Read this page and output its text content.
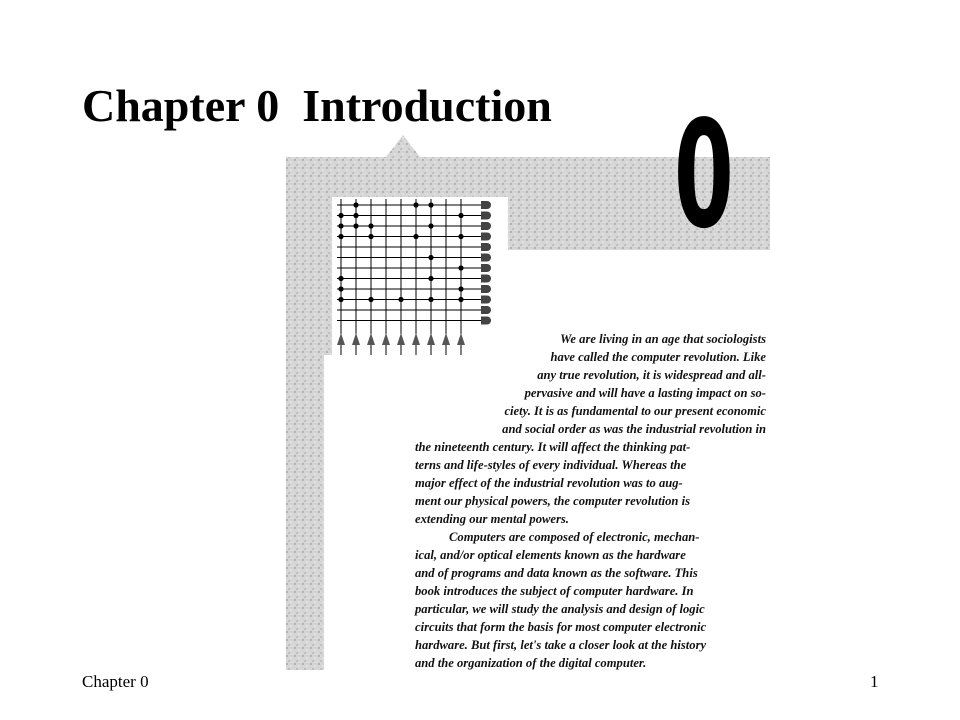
Chapter 0  Introduction 0

We are living in an age that sociologists
have called the computer revolution. Like
any true revolution, it is widespread and all-
pervasive and will have a lasting impact on so-
ciety. It is as fundamental to our present economic
and social order as was the industrial revolution in
the nineteenth century. It will affect the thinking pat-
terns and life-styles of every individual. Whereas the
major effect of the industrial revolution was to aug-
ment our physical powers, the computer revolution is
extending our mental powers.

Computers are composed of electronic, mechan-
ical, and/or optical elements known as the hardware
and of programs and data known as the software. This
book introduces the subject of computer hardware. In
particular, we will study the analysis and design of logic
circuits that form the basis for most computer electronic
hardware. But first, let's take a closer look at the history
and the organization of the digital computer.

Chapter 0	1
